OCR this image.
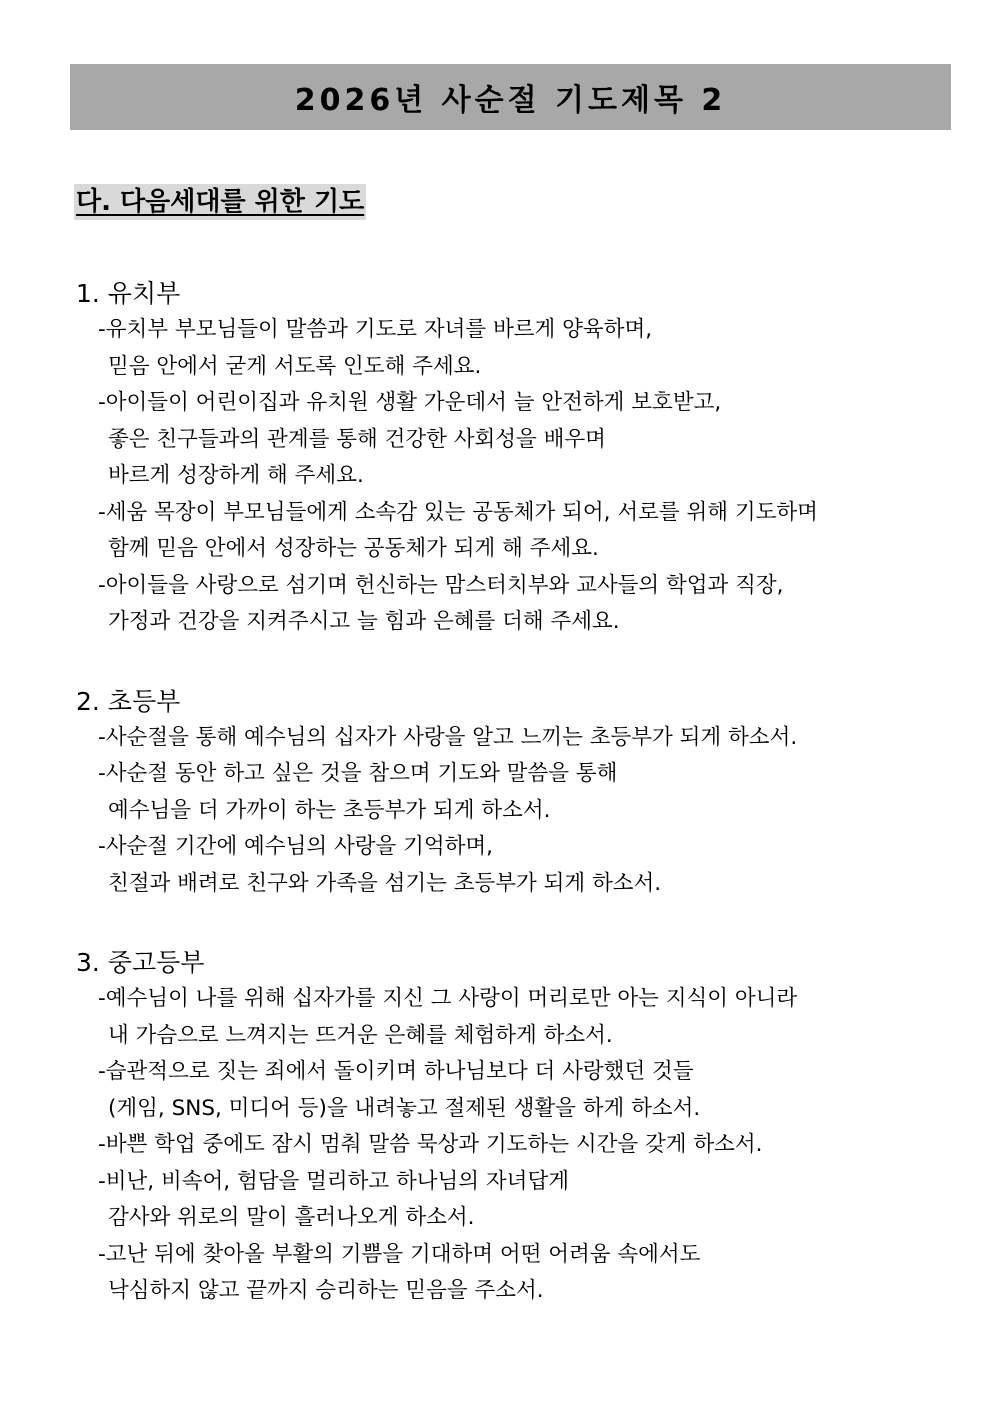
2026년 사순절 기도제목 2
다. 다음세대를 위한 기도
1. 유치부
-유치부 부모님들이 말씀과 기도로 자녀를 바르게 양육하며,
믿음 안에서 굳게 서도록 인도해 주세요.
-아이들이 어린이집과 유치원 생활 가운데서 늘 안전하게 보호받고,
좋은 친구들과의 관계를 통해 건강한 사회성을 배우며
바르게 성장하게 해 주세요.
-세움 목장이 부모님들에게 소속감 있는 공동체가 되어, 서로를 위해 기도하며
함께 믿음 안에서 성장하는 공동체가 되게 해 주세요.
-아이들을 사랑으로 섬기며 헌신하는 맘스터치부와 교사들의 학업과 직장,
가정과 건강을 지켜주시고 늘 힘과 은혜를 더해 주세요.
2. 초등부
-사순절을 통해 예수님의 십자가 사랑을 알고 느끼는 초등부가 되게 하소서.
-사순절 동안 하고 싶은 것을 참으며 기도와 말씀을 통해
예수님을 더 가까이 하는 초등부가 되게 하소서.
-사순절 기간에 예수님의 사랑을 기억하며,
친절과 배려로 친구와 가족을 섬기는 초등부가 되게 하소서.
3. 중고등부
-예수님이 나를 위해 십자가를 지신 그 사랑이 머리로만 아는 지식이 아니라
내 가슴으로 느껴지는 뜨거운 은혜를 체험하게 하소서.
-습관적으로 짓는 죄에서 돌이키며 하나님보다 더 사랑했던 것들
(게임, SNS, 미디어 등)을 내려놓고 절제된 생활을 하게 하소서.
-바쁜 학업 중에도 잠시 멈춰 말씀 묵상과 기도하는 시간을 갖게 하소서.
-비난, 비속어, 험담을 멀리하고 하나님의 자녀답게
감사와 위로의 말이 흘러나오게 하소서.
-고난 뒤에 찾아올 부활의 기쁨을 기대하며 어떤 어려움 속에서도
낙심하지 않고 끝까지 승리하는 믿음을 주소서.
